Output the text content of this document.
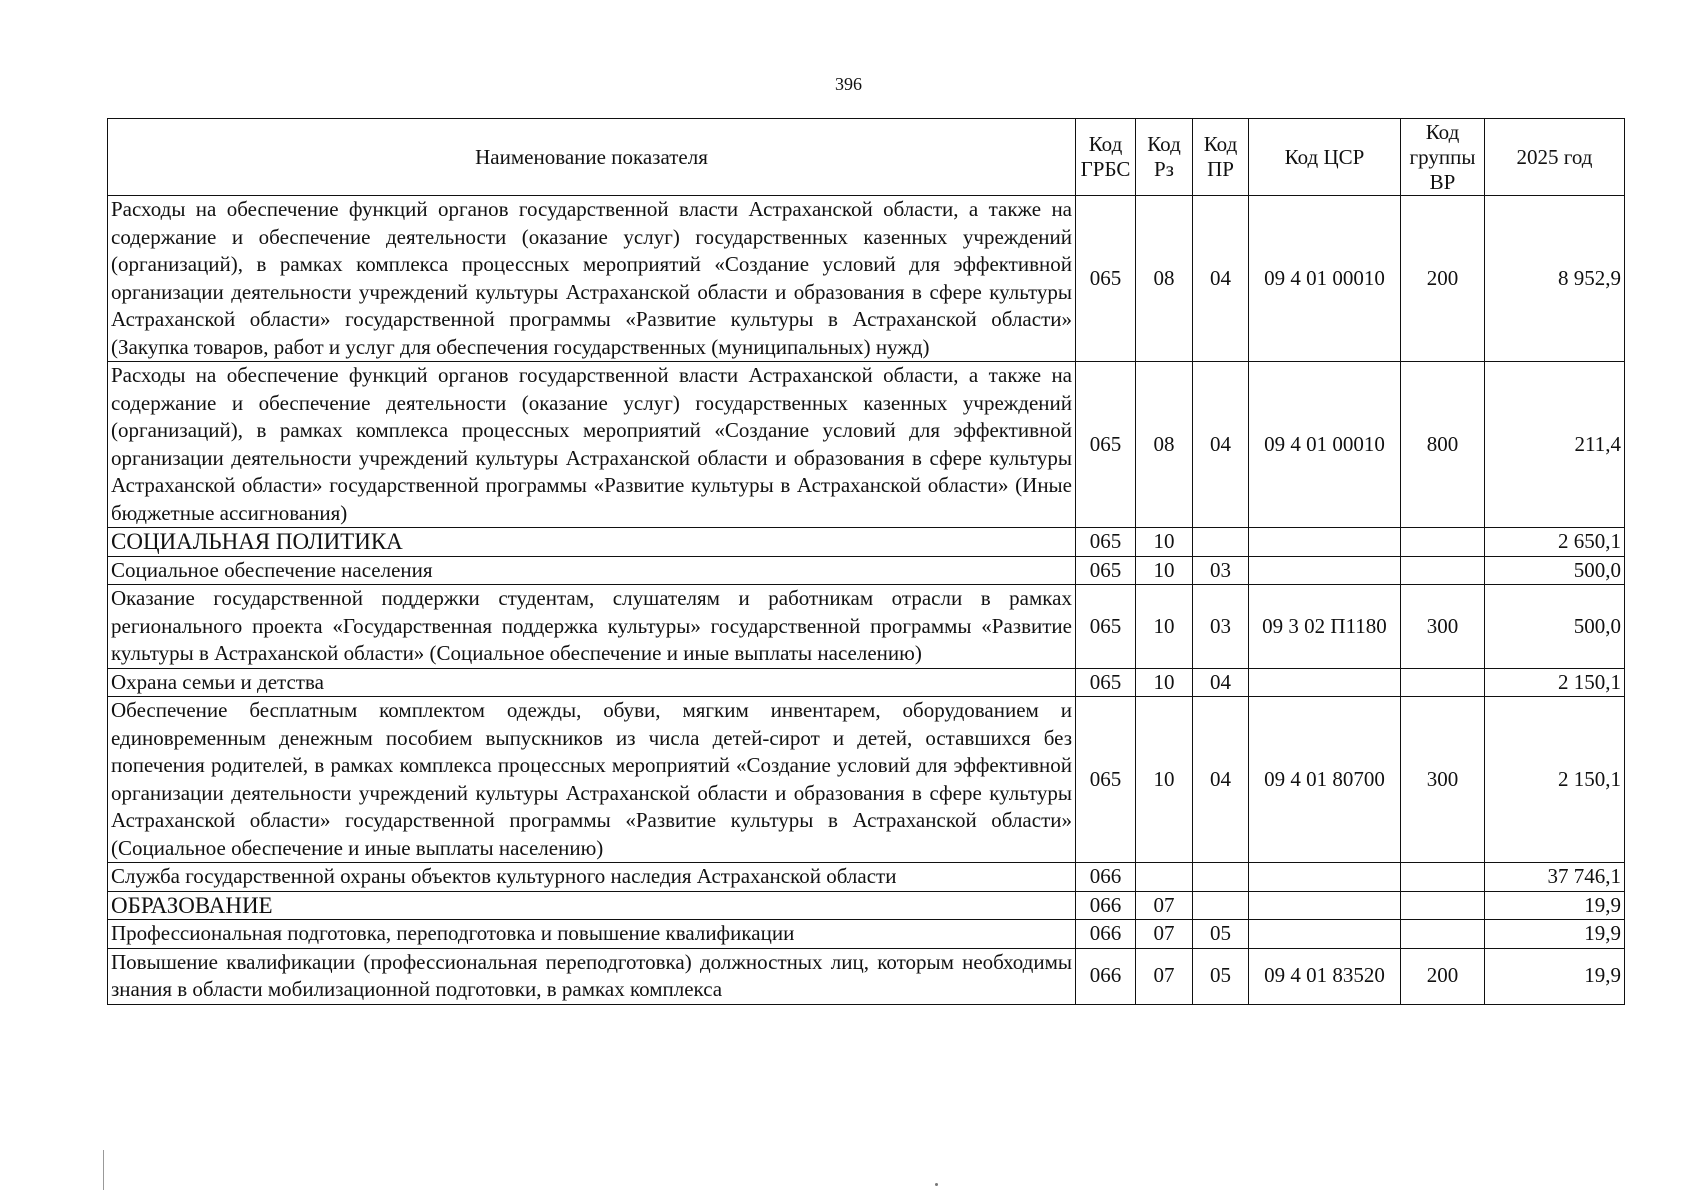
396
Наименование показателя	Код ГРБС	Код Рз	Код ПР	Код ЦСР	Код группы ВР	2025 год
Расходы на обеспечение функций органов государственной власти Астраханской области, а также на содержание и обеспечение деятельности (оказание услуг) государственных казенных учреждений (организаций), в рамках комплекса процессных мероприятий «Создание условий для эффективной организации деятельности учреждений культуры Астраханской области и образования в сфере культуры Астраханской области» государственной программы «Развитие культуры в Астраханской области» (Закупка товаров, работ и услуг для обеспечения государственных (муниципальных) нужд)	065	08	04	09 4 01 00010	200	8 952,9
Расходы на обеспечение функций органов государственной власти Астраханской области, а также на содержание и обеспечение деятельности (оказание услуг) государственных казенных учреждений (организаций), в рамках комплекса процессных мероприятий «Создание условий для эффективной организации деятельности учреждений культуры Астраханской области и образования в сфере культуры Астраханской области» государственной программы «Развитие культуры в Астраханской области» (Иные бюджетные ассигнования)	065	08	04	09 4 01 00010	800	211,4
СОЦИАЛЬНАЯ ПОЛИТИКА	065	10				2 650,1
Социальное обеспечение населения	065	10	03			500,0
Оказание государственной поддержки студентам, слушателям и работникам отрасли в рамках регионального проекта «Государственная поддержка культуры» государственной программы «Развитие культуры в Астраханской области» (Социальное обеспечение и иные выплаты населению)	065	10	03	09 3 02 П1180	300	500,0
Охрана семьи и детства	065	10	04			2 150,1
Обеспечение бесплатным комплектом одежды, обуви, мягким инвентарем, оборудованием и единовременным денежным пособием выпускников из числа детей-сирот и детей, оставшихся без попечения родителей, в рамках комплекса процессных мероприятий «Создание условий для эффективной организации деятельности учреждений культуры Астраханской области и образования в сфере культуры Астраханской области» государственной программы «Развитие культуры в Астраханской области» (Социальное обеспечение и иные выплаты населению)	065	10	04	09 4 01 80700	300	2 150,1
Служба государственной охраны объектов культурного наследия Астраханской области	066					37 746,1
ОБРАЗОВАНИЕ	066	07				19,9
Профессиональная подготовка, переподготовка и повышение квалификации	066	07	05			19,9
Повышение квалификации (профессиональная переподготовка) должностных лиц, которым необходимы знания в области мобилизационной подготовки, в рамках комплекса	066	07	05	09 4 01 83520	200	19,9
